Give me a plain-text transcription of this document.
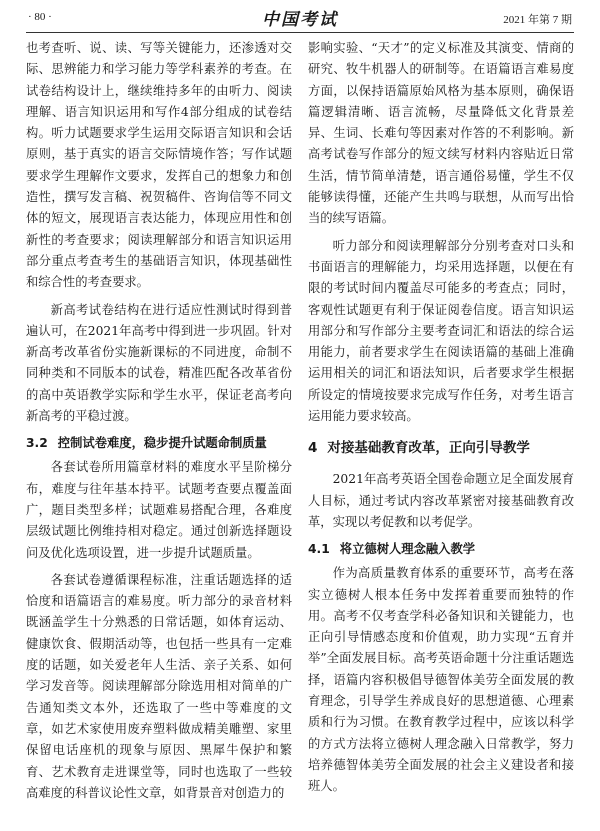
· 80 ·	中国考试	2021 年第 7 期

也考查听、说、读、写等关键能力，还渗透对交际、思辨能力和学习能力等学科素养的考查。在试卷结构设计上，继续维持多年的由听力、阅读理解、语言知识运用和写作4部分组成的试卷结构。听力试题要求学生运用交际语言知识和会话原则，基于真实的语言交际情境作答；写作试题要求学生理解作文要求，发挥自己的想象力和创造性，撰写发言稿、祝贺稿件、咨询信等不同文体的短文，展现语言表达能力，体现应用性和创新性的考查要求；阅读理解部分和语言知识运用部分重点考查考生的基础语言知识，体现基础性和综合性的考查要求。

新高考试卷结构在进行适应性测试时得到普遍认可，在2021年高考中得到进一步巩固。针对新高考改革省份实施新课标的不同进度，命制不同种类和不同版本的试卷，精准匹配各改革省份的高中英语教学实际和学生水平，保证老高考向新高考的平稳过渡。

3.2 控制试卷难度，稳步提升试题命制质量

各套试卷所用篇章材料的难度水平呈阶梯分布，难度与往年基本持平。试题考查要点覆盖面广，题目类型多样；试题难易搭配合理，各难度层级试题比例维持相对稳定。通过创新选择题设问及优化选项设置，进一步提升试题质量。

各套试卷遵循课程标准，注重话题选择的适恰度和语篇语言的难易度。听力部分的录音材料既涵盖学生十分熟悉的日常话题，如体育运动、健康饮食、假期活动等，也包括一些具有一定难度的话题，如关爱老年人生活、亲子关系、如何学习发音等。阅读理解部分除选用相对简单的广告通知类文本外，还选取了一些中等难度的文章，如艺术家使用废弃塑料做成精美雕塑、家里保留电话座机的现象与原因、黑犀牛保护和繁育、艺术教育走进课堂等，同时也选取了一些较高难度的科普议论性文章，如背景音对创造力的

影响实验、“天才”的定义标准及其演变、情商的研究、牧牛机器人的研制等。在语篇语言难易度方面，以保持语篇原始风格为基本原则，确保语篇逻辑清晰、语言流畅，尽量降低文化背景差异、生词、长难句等因素对作答的不利影响。新高考试卷写作部分的短文续写材料内容贴近日常生活，情节简单清楚，语言通俗易懂，学生不仅能够读得懂，还能产生共鸣与联想，从而写出恰当的续写语篇。

听力部分和阅读理解部分分别考查对口头和书面语言的理解能力，均采用选择题，以便在有限的考试时间内覆盖尽可能多的考查点；同时，客观性试题更有利于保证阅卷信度。语言知识运用部分和写作部分主要考查词汇和语法的综合运用能力，前者要求学生在阅读语篇的基础上准确运用相关的词汇和语法知识，后者要求学生根据所设定的情境按要求完成写作任务，对考生语言运用能力要求较高。

4 对接基础教育改革，正向引导教学

2021年高考英语全国卷命题立足全面发展育人目标，通过考试内容改革紧密对接基础教育改革，实现以考促教和以考促学。

4.1 将立德树人理念融入教学

作为高质量教育体系的重要环节，高考在落实立德树人根本任务中发挥着重要而独特的作用。高考不仅考查学科必备知识和关键能力，也正向引导情感态度和价值观，助力实现“五育并举”全面发展目标。高考英语命题十分注重话题选择，语篇内容积极倡导德智体美劳全面发展的教育理念，引导学生养成良好的思想道德、心理素质和行为习惯。在教育教学过程中，应该以科学的方式方法将立德树人理念融入日常教学，努力培养德智体美劳全面发展的社会主义建设者和接班人。
